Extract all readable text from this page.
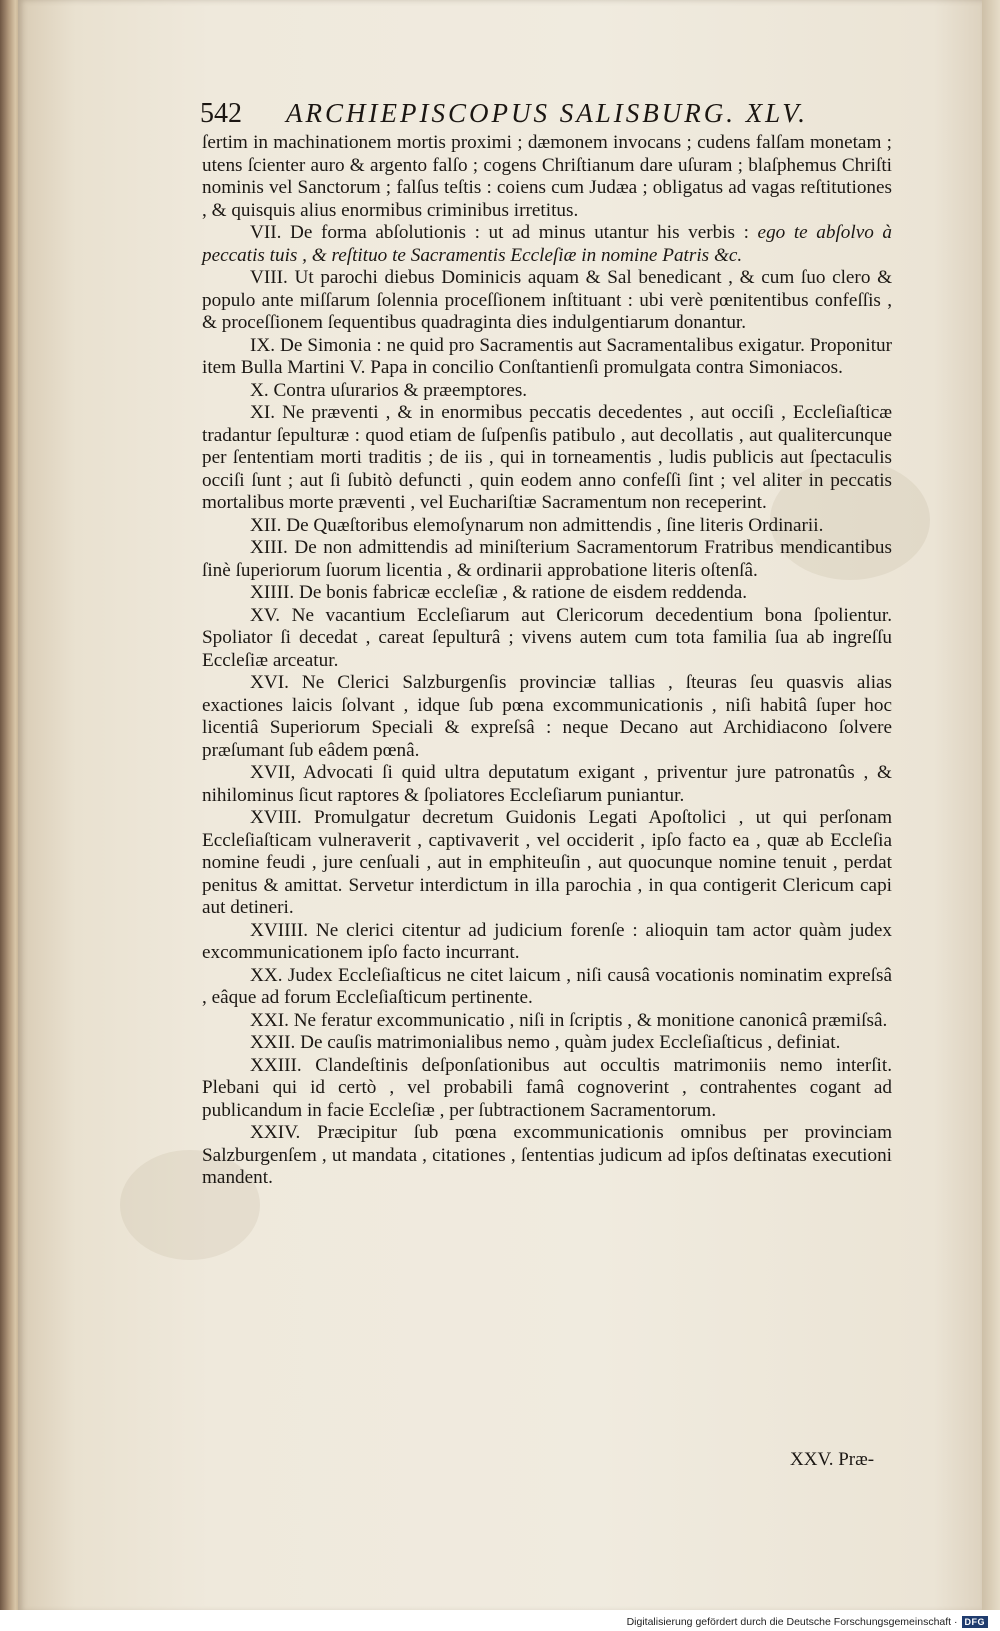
542 ARCHIEPISCOPUS SALISBURG. XLV.

ſertim in machinationem mortis proximi ; dæmonem invocans ; cudens falſam monetam ; utens ſcienter auro & argento falſo ; cogens Chriſtianum dare uſuram ; blaſphemus Chriſti nominis vel Sanctorum ; falſus teſtis : coiens cum Judæa ; obligatus ad vagas reſtitutiones , & quisquis alius enormibus criminibus irretitus.

VII. De forma abſolutionis : ut ad minus utantur his verbis : ego te abſolvo à peccatis tuis , & reſtituo te Sacramentis Eccleſiæ in nomine Patris &c.

VIII. Ut parochi diebus Dominicis aquam & Sal benedicant , & cum ſuo clero & populo ante miſſarum ſolennia proceſſionem inſtituant : ubi verè pœnitentibus confeſſis , & proceſſionem ſequentibus quadraginta dies indulgentiarum donantur.

IX. De Simonia : ne quid pro Sacramentis aut Sacramentalibus exigatur. Proponitur item Bulla Martini V. Papa in concilio Conſtantienſi promulgata contra Simoniacos.

X. Contra uſurarios & præemptores.

XI. Ne præventi , & in enormibus peccatis decedentes , aut occiſi , Eccleſiaſticæ tradantur ſepulturæ : quod etiam de ſuſpenſis patibulo , aut decollatis , aut qualitercunque per ſententiam morti traditis ; de iis , qui in torneamentis , ludis publicis aut ſpectaculis occiſi ſunt ; aut ſi ſubitò defuncti , quin eodem anno confeſſi ſint ; vel aliter in peccatis mortalibus morte præventi , vel Euchariſtiæ Sacramentum non receperint.

XII. De Quæſtoribus elemoſynarum non admittendis , ſine literis Ordinarii.

XIII. De non admittendis ad miniſterium Sacramentorum Fratribus mendicantibus ſinè ſuperiorum ſuorum licentia , & ordinarii approbatione literis oſtenſâ.

XIIII. De bonis fabricæ eccleſiæ , & ratione de eisdem reddenda.

XV. Ne vacantium Eccleſiarum aut Clericorum decedentium bona ſpolientur. Spoliator ſi decedat , careat ſepulturâ ; vivens autem cum tota familia ſua ab ingreſſu Eccleſiæ arceatur.

XVI. Ne Clerici Salzburgenſis provinciæ tallias , ſteuras ſeu quasvis alias exactiones laicis ſolvant , idque ſub pœna excommunicationis , niſi habitâ ſuper hoc licentiâ Superiorum Speciali & expreſsâ : neque Decano aut Archidiacono ſolvere præſumant ſub eâdem pœnâ.

XVII, Advocati ſi quid ultra deputatum exigant , priventur jure patronatûs , & nihilominus ſicut raptores & ſpoliatores Eccleſiarum puniantur.

XVIII. Promulgatur decretum Guidonis Legati Apoſtolici , ut qui perſonam Eccleſiaſticam vulneraverit , captivaverit , vel occiderit , ipſo facto ea , quæ ab Eccleſia nomine feudi , jure cenſuali , aut in emphiteuſin , aut quocunque nomine tenuit , perdat penitus & amittat. Servetur interdictum in illa parochia , in qua contigerit Clericum capi aut detineri.

XVIIII. Ne clerici citentur ad judicium forenſe : alioquin tam actor quàm judex excommunicationem ipſo facto incurrant.

XX. Judex Eccleſiaſticus ne citet laicum , niſi causâ vocationis nominatim expreſsâ , eâque ad forum Eccleſiaſticum pertinente.

XXI. Ne feratur excommunicatio , niſi in ſcriptis , & monitione canonicâ præmiſsâ.

XXII. De cauſis matrimonialibus nemo , quàm judex Eccleſiaſticus , definiat.

XXIII. Clandeſtinis deſponſationibus aut occultis matrimoniis nemo interſit. Plebani qui id certò , vel probabili famâ cognoverint , contrahentes cogant ad publicandum in facie Eccleſiæ , per ſubtractionem Sacramentorum.

XXIV. Præcipitur ſub pœna excommunicationis omnibus per provinciam Salzburgenſem , ut mandata , citationes , ſententias judicum ad ipſos deſtinatas executioni mandent.

XXV. Præ-
Digitalisierung gefördert durch die Deutsche Forschungsgemeinschaft · DFG
